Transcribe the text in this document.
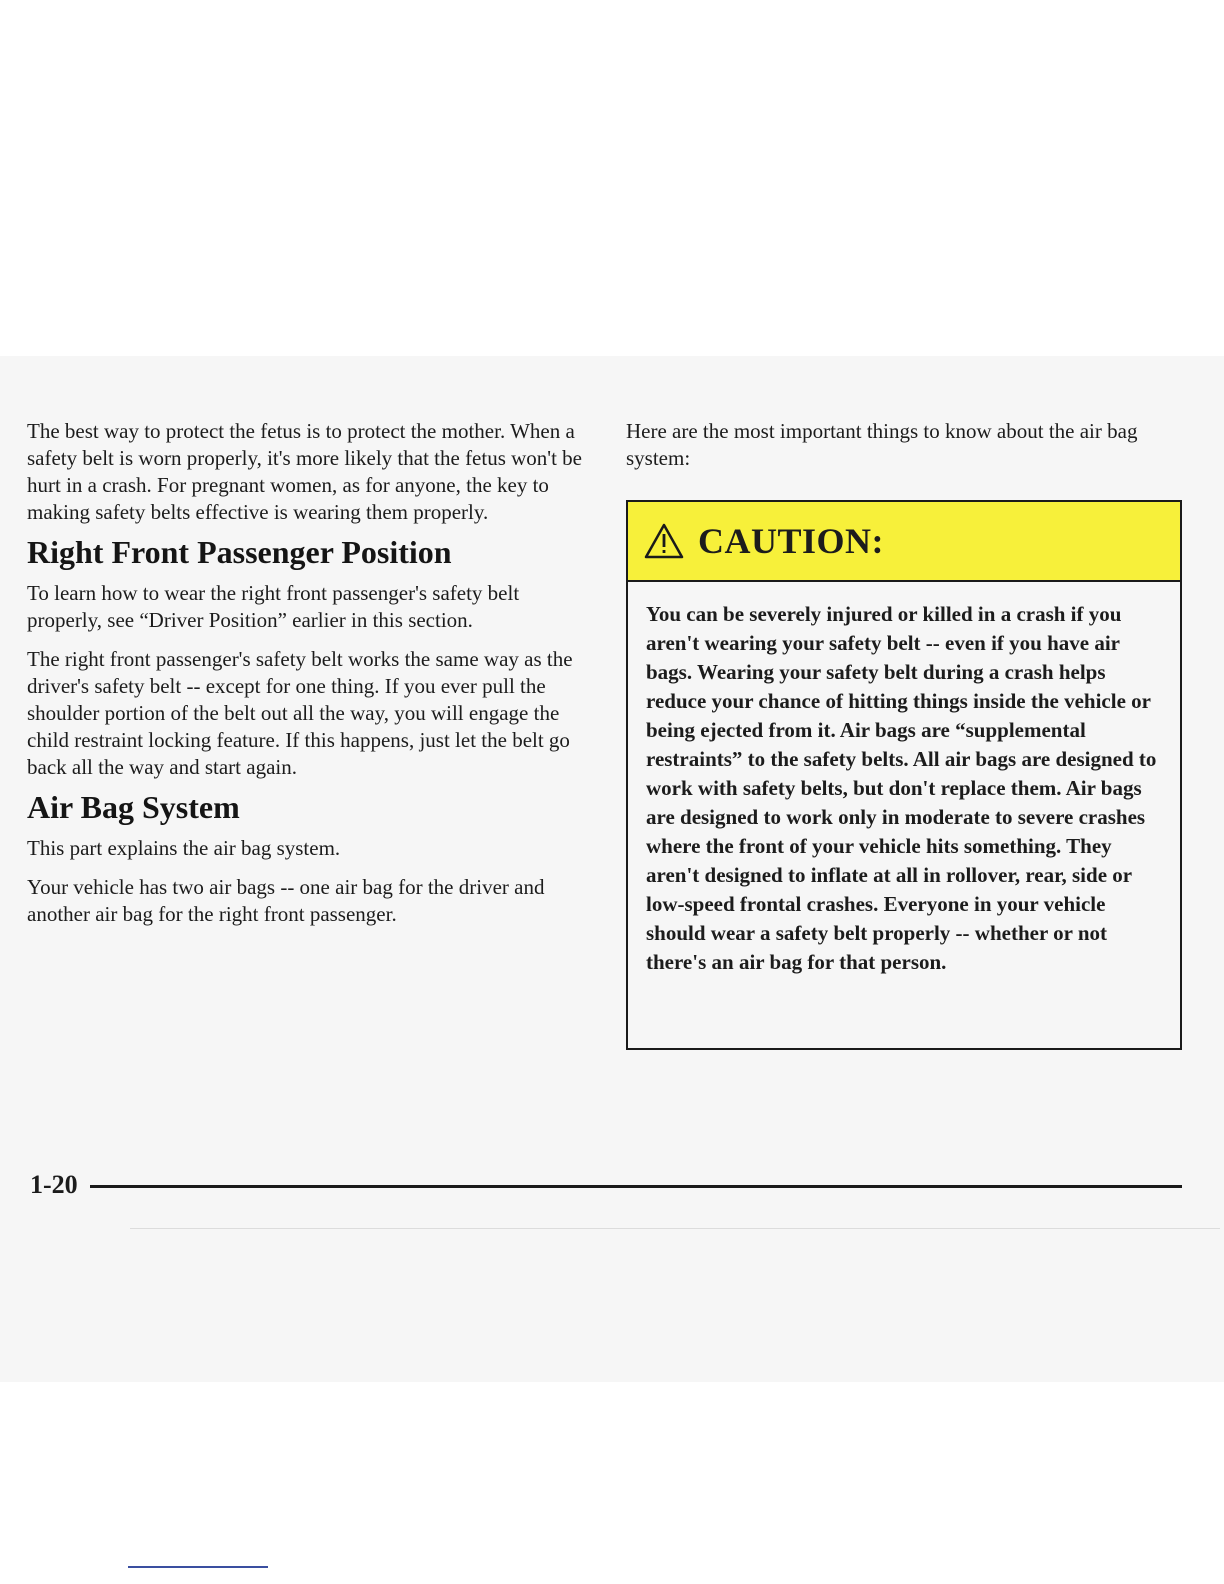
The best way to protect the fetus is to protect the mother. When a safety belt is worn properly, it's more likely that the fetus won't be hurt in a crash. For pregnant women, as for anyone, the key to making safety belts effective is wearing them properly.

Right Front Passenger Position

To learn how to wear the right front passenger's safety belt properly, see “Driver Position” earlier in this section.

The right front passenger's safety belt works the same way as the driver's safety belt -- except for one thing. If you ever pull the shoulder portion of the belt out all the way, you will engage the child restraint locking feature. If this happens, just let the belt go back all the way and start again.

Air Bag System

This part explains the air bag system.

Your vehicle has two air bags -- one air bag for the driver and another air bag for the right front passenger.

Here are the most important things to know about the air bag system:

CAUTION:
You can be severely injured or killed in a crash if you aren't wearing your safety belt -- even if you have air bags. Wearing your safety belt during a crash helps reduce your chance of hitting things inside the vehicle or being ejected from it. Air bags are “supplemental restraints” to the safety belts. All air bags are designed to work with safety belts, but don't replace them. Air bags are designed to work only in moderate to severe crashes where the front of your vehicle hits something. They aren't designed to inflate at all in rollover, rear, side or low-speed frontal crashes. Everyone in your vehicle should wear a safety belt properly -- whether or not there's an air bag for that person.
1-20
